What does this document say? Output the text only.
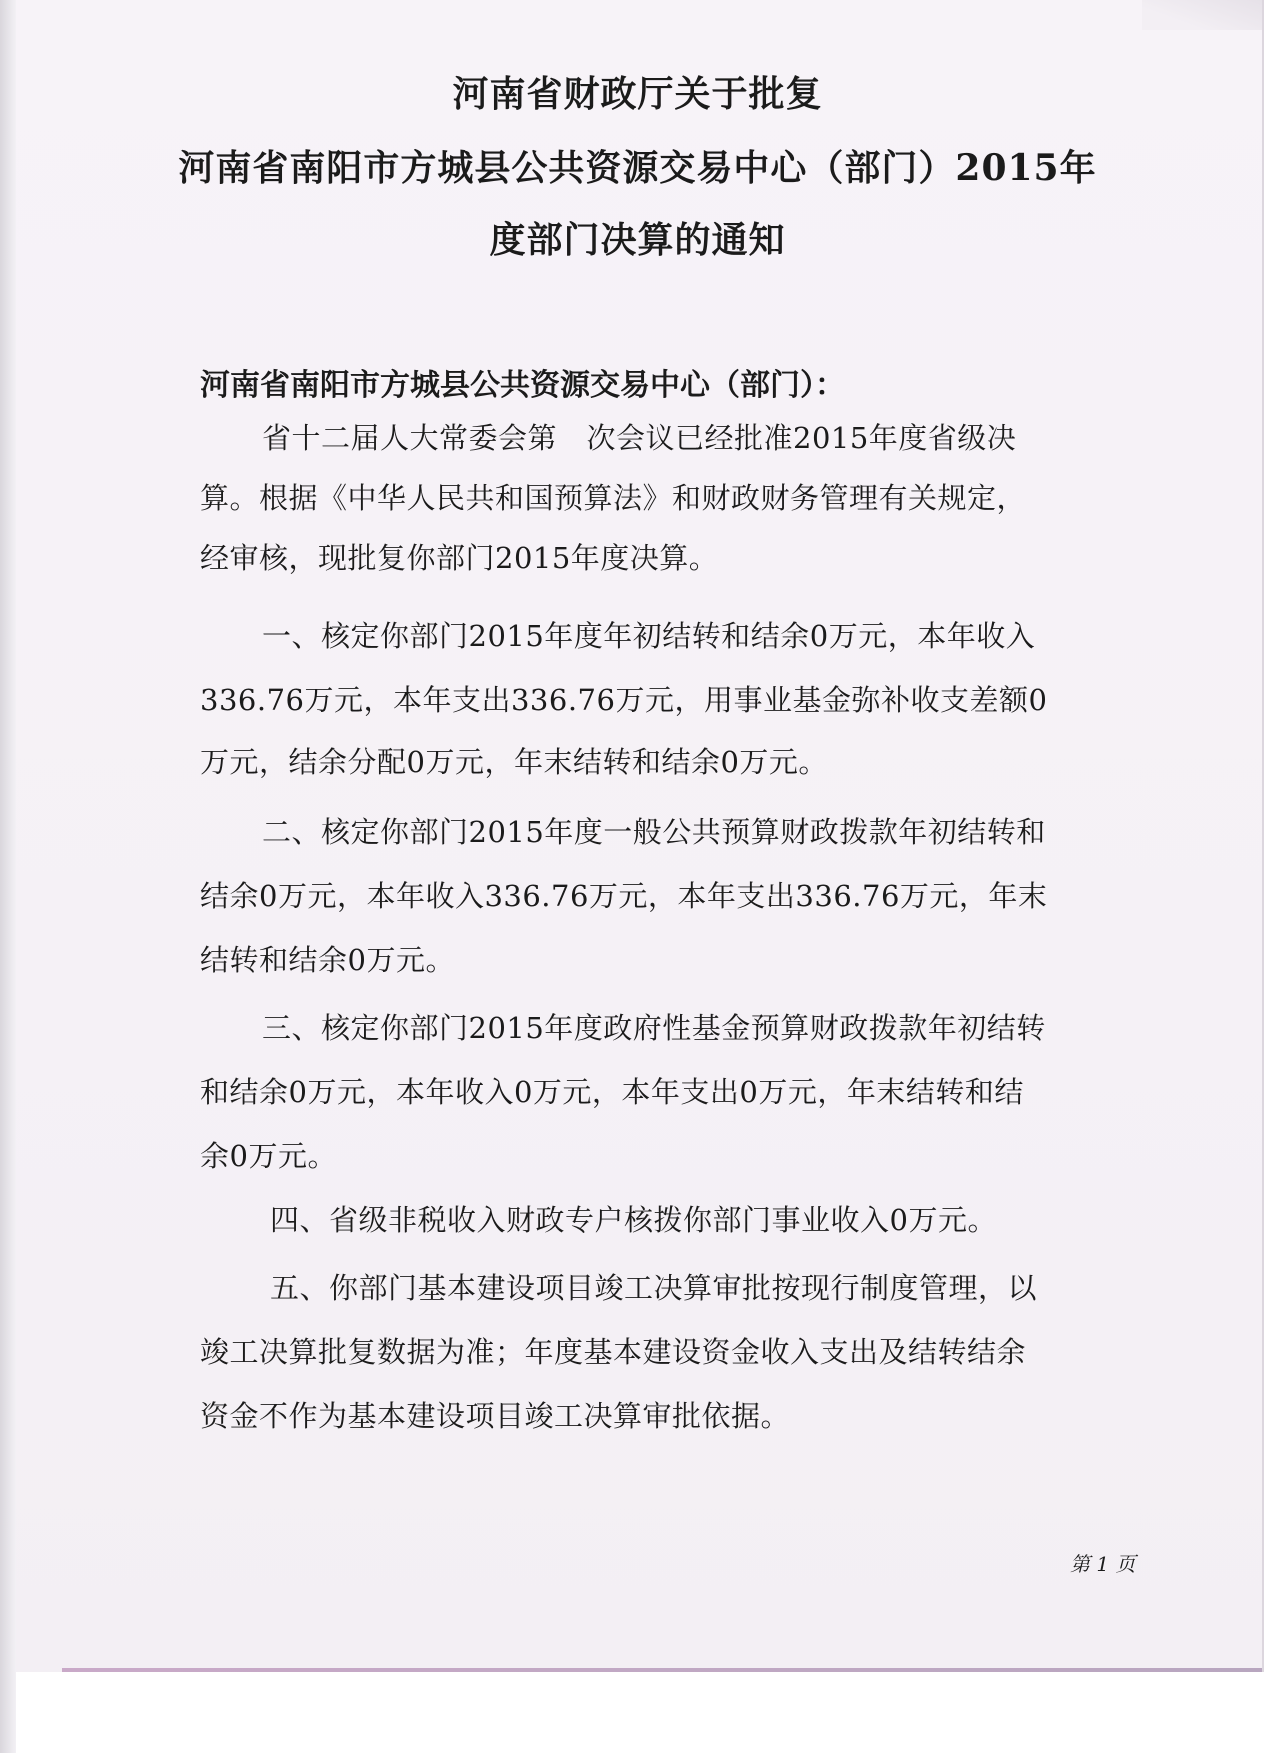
河南省财政厅关于批复
河南省南阳市方城县公共资源交易中心（部门）2015年
度部门决算的通知
河南省南阳市方城县公共资源交易中心（部门）：
省十二届人大常委会第　次会议已经批准2015年度省级决
算。根据《中华人民共和国预算法》和财政财务管理有关规定，
经审核，现批复你部门2015年度决算。
一、核定你部门2015年度年初结转和结余0万元，本年收入
336.76万元，本年支出336.76万元，用事业基金弥补收支差额0
万元，结余分配0万元，年末结转和结余0万元。
二、核定你部门2015年度一般公共预算财政拨款年初结转和
结余0万元，本年收入336.76万元，本年支出336.76万元，年末
结转和结余0万元。
三、核定你部门2015年度政府性基金预算财政拨款年初结转
和结余0万元，本年收入0万元，本年支出0万元，年末结转和结
余0万元。
四、省级非税收入财政专户核拨你部门事业收入0万元。
五、你部门基本建设项目竣工决算审批按现行制度管理，以
竣工决算批复数据为准；年度基本建设资金收入支出及结转结余
资金不作为基本建设项目竣工决算审批依据。
第 1 页
